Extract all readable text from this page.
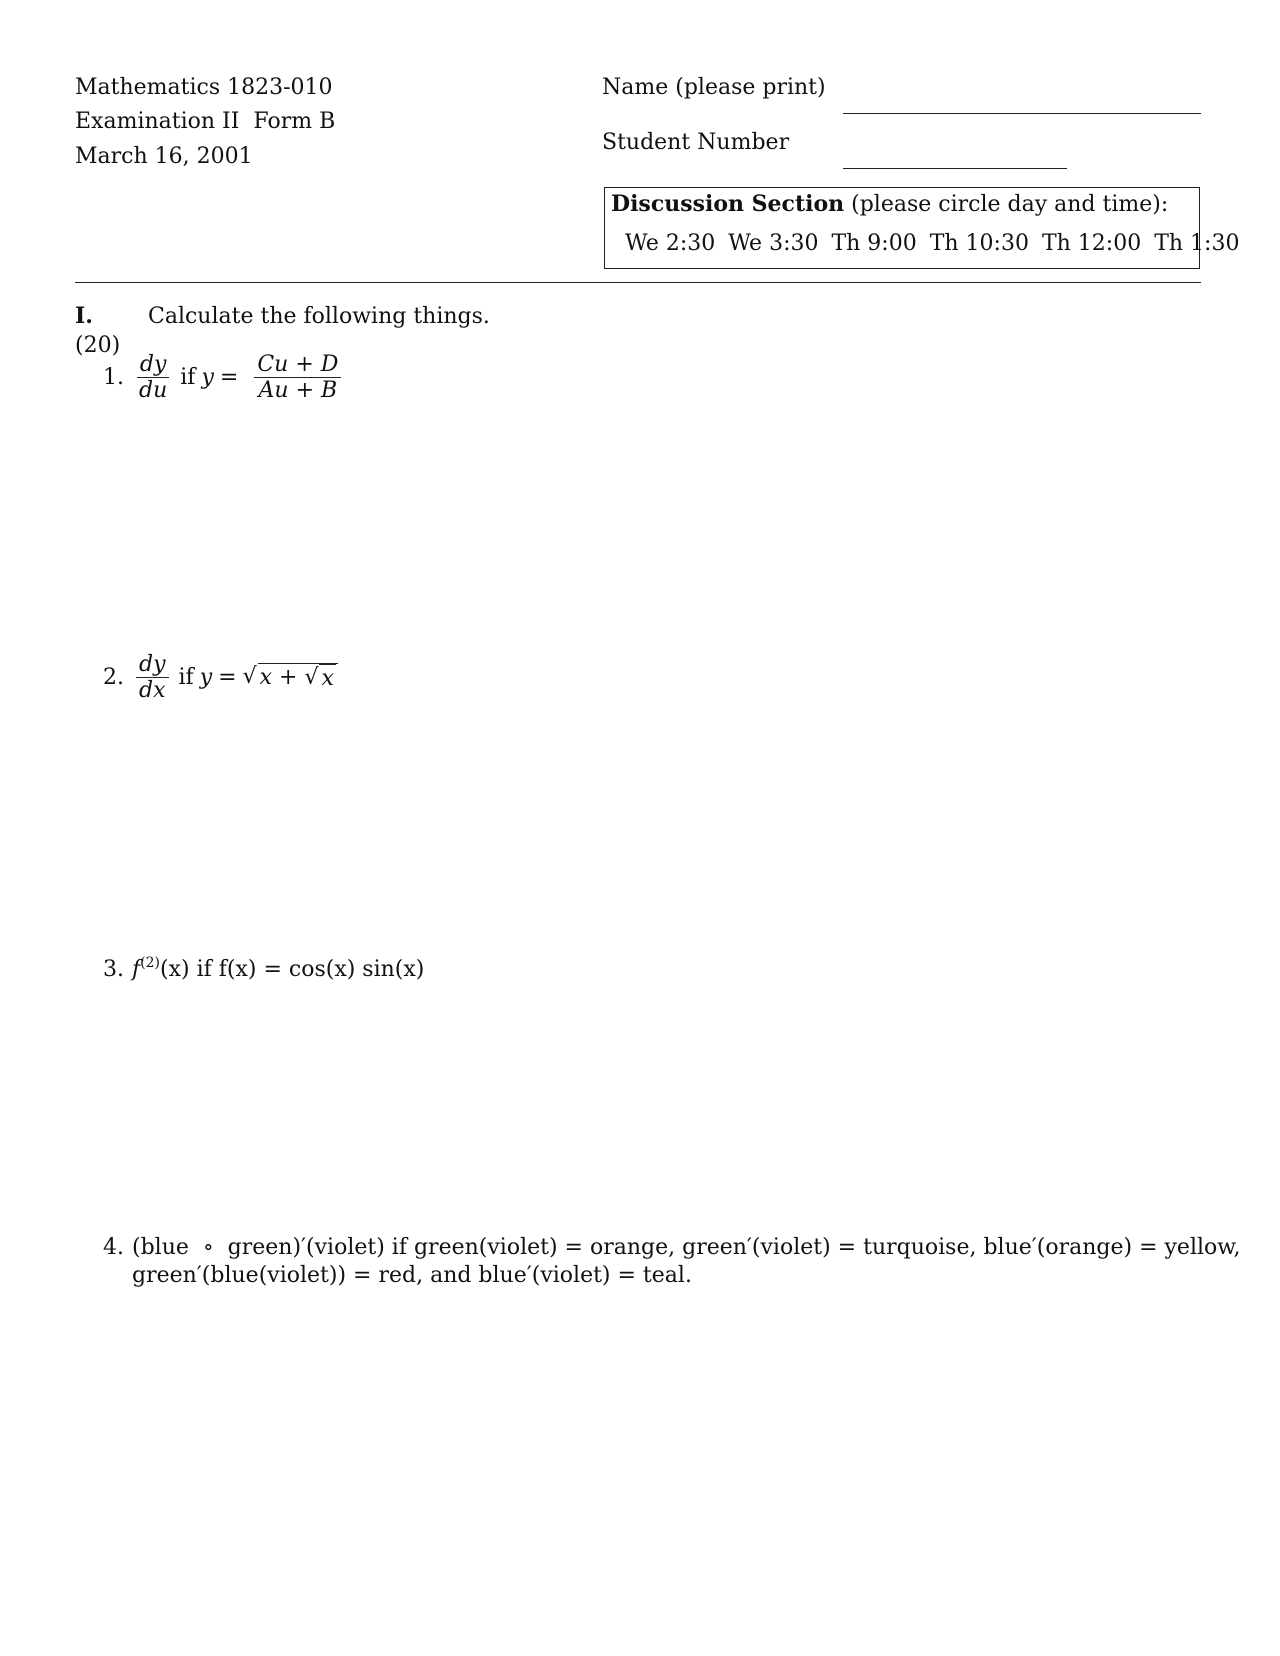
Mathematics 1823-010
Examination II  Form B
March 16, 2001
Name (please print)
Student Number
Discussion Section (please circle day and time):
We 2:30 We 3:30 Th 9:00 Th 10:30 Th 12:00 Th 1:30
I.	Calculate the following things.
(20)
1. $\frac{dy}{du}$ if $y = \frac{Cu + D}{Au + B}$
2. $\frac{dy}{dx}$ if y = √ x + √ x
3. $f^{(2)}(x)$ if f(x) = cos(x) sin(x)
4. (blue  ∘  green)′(violet) if green(violet) = orange, green′(violet) = turquoise, blue′(orange) = yellow,
green′(blue(violet)) = red, and blue′(violet) = teal.
